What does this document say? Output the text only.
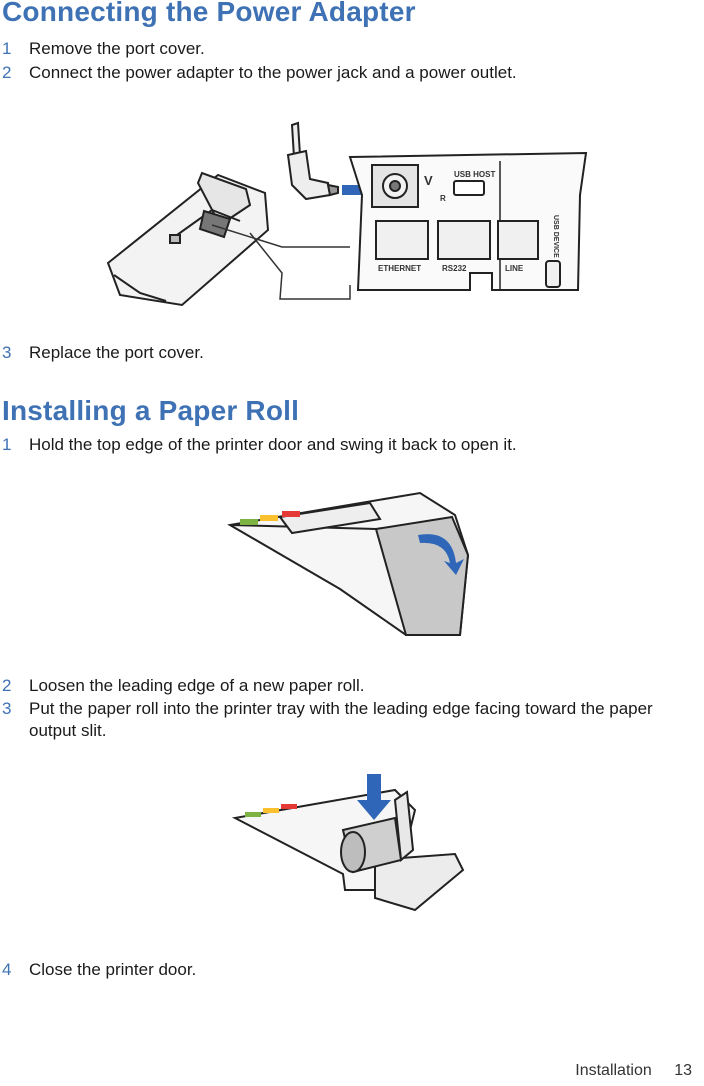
Connecting the Power Adapter
1 Remove the port cover.
2 Connect the power adapter to the power jack and a power outlet.
V
R
USB HOST
ETHERNET	RS232	LINE
USB DEVICE
3 Replace the port cover.
Installing a Paper Roll
1 Hold the top edge of the printer door and swing it back to open it.
2 Loosen the leading edge of a new paper roll.
3 Put the paper roll into the printer tray with the leading edge facing toward the paper output slit.
4 Close the printer door.
Installation 13
